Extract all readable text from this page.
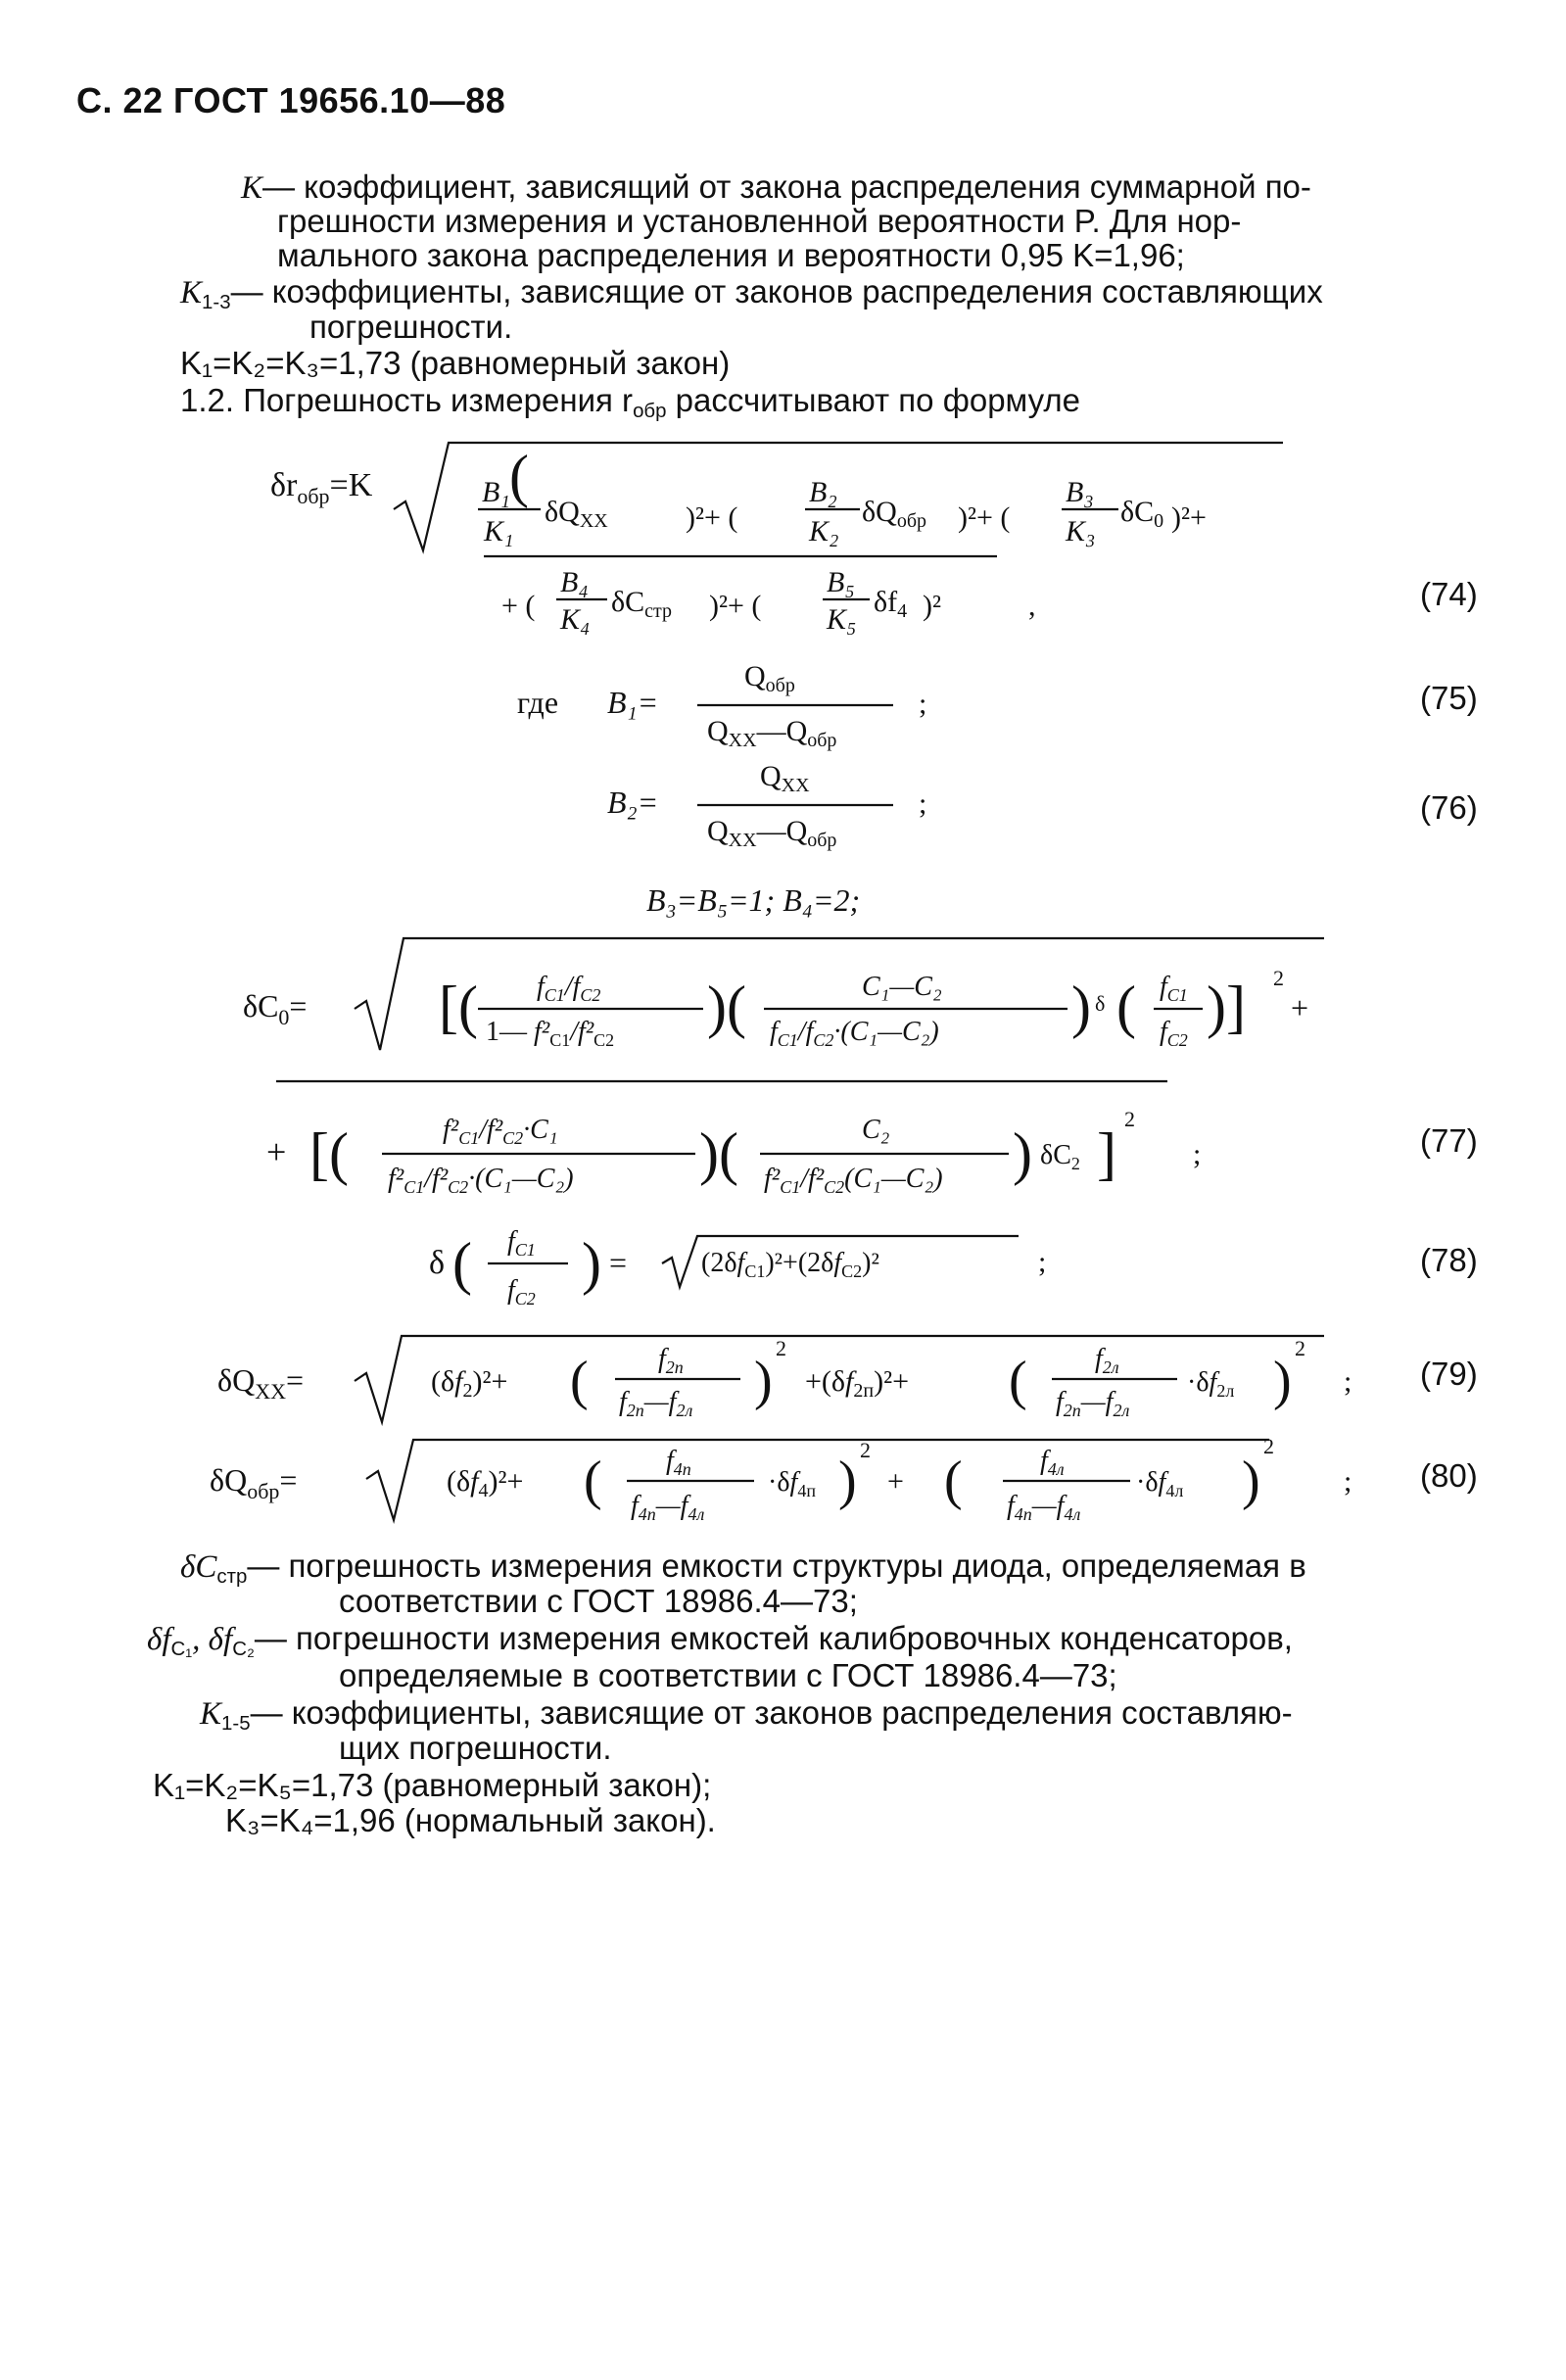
С. 22 ГОСТ 19656.10—88
K— коэффициент, зависящий от закона распределения суммарной по-
грешности измерения и установленной вероятности P. Для нор-
мального закона распределения и вероятности 0,95 K=1,96;
$K_{1-3}—$ коэффициенты, зависящие от законов распределения составляющих
погрешности.
K₁=K₂=K₃=1,73 (равномерный закон)
1.2. Погрешность измерения $r_{обр}$ рассчитывают по формуле
$\delta r_{обр}=K$ (
B₁
K₁
$\delta Q_{XX}$	)²+ (
B₂
K₂
$\delta Q_{обр}$ )²+ (
B₃
K₃
$\delta C_0$ )²+
+ (
B₄
K₄
$\delta C_{стр}$ )²+ (
B₅
K₅
$\delta f_4$ )²	,
где B₁=
$Q_{обр}$
$Q_{XX}—Q_{обр}$
;
B₂=
$Q_{XX}$
$Q_{XX}—Q_{обр}$
;
B₃=B₅=1; B₄=2;
$\delta C_0=$ [( $f_{C1}/f_{C2}$
1— $f^2_{C1}/f^2_{C2}$
)(	C₁—C₂
$f_{C1}/f_{C2}\cdot(C_1—C_2)$ ) δ ( $f_{C1}$
$f_{C2}$
)] 2
+
+ [(	$f^2_{C1}/f^2_{C2}\cdot C_1$
$f^2_{C1}/f^2_{C2}\cdot(C_1—C_2)$ )(	C₂
$f^2_{C1}/f^2_{C2}(C_1—C_2)$ ) $\delta C_2$ ]
2
;
δ ( $f_{C1}$
$f_{C2}$
) =	$(2\delta f_{C1})^2+(2\delta f_{C2})^2$	;
$\delta Q_{XX}=$	$(\delta f_2)^2+$ (	$f_{2п}$
$f_{2п}—f_{2л}$ )
2
$+(\delta f_{2п})^2+$ ( $f_{2л}$
$f_{2п}—f_{2л}$
$\cdot\delta f_{2л}$ )
2
;
$\delta Q_{обр}=$	$(\delta f_4)^2+$ ( $f_{4п}$
$f_{4п}—f_{4л}$
$\cdot\delta f_{4п}$ )
2
+ (	$f_{4л}$
$f_{4п}—f_{4л}$
$\cdot\delta f_{4л}$ )
2
;
(74)
(75)
(76)
(77)
(78)
(79)
(80)
$\delta C_{стр}—$ погрешность измерения емкости структуры диода, определяемая в
соответствии с ГОСТ 18986.4—73;
$\delta f_{C_1}$, $\delta f_{C_2}—$ погрешности измерения емкостей калибровочных конденсаторов,
определяемые в соответствии с ГОСТ 18986.4—73;
$K_{1-5}—$ коэффициенты, зависящие от законов распределения составляю-
щих погрешности.
K₁=K₂=K₅=1,73 (равномерный закон);
K₃=K₄=1,96 (нормальный закон).
